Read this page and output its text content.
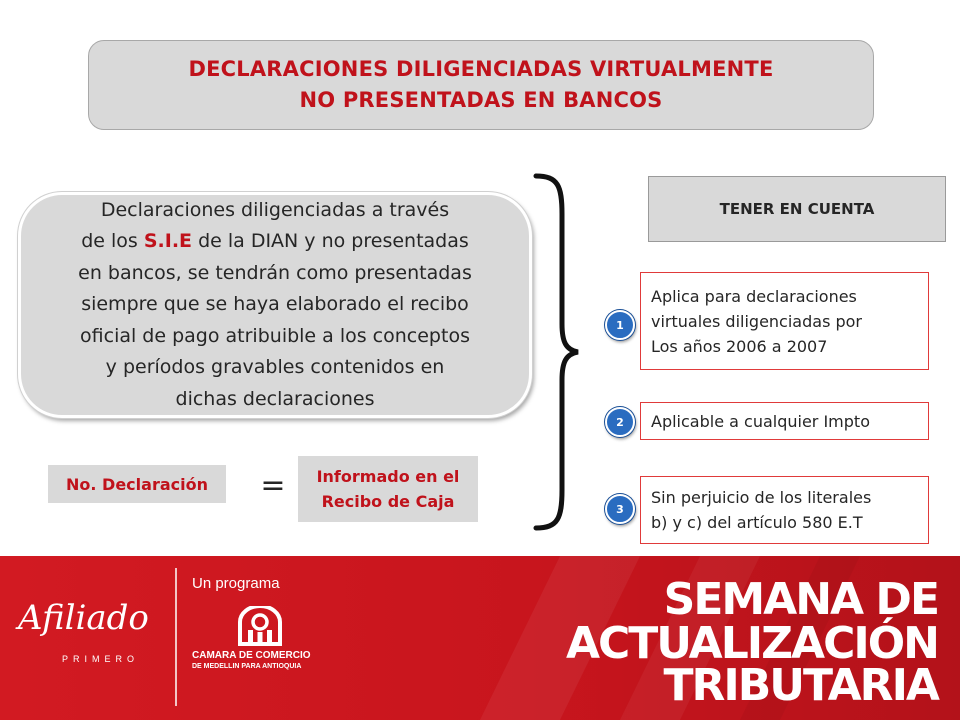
DECLARACIONES DILIGENCIADAS VIRTUALMENTE
NO PRESENTADAS EN BANCOS
Declaraciones diligenciadas a través
de los S.I.E de la DIAN y no presentadas
en bancos, se tendrán como presentadas
siempre que se haya elaborado el recibo
oficial de pago atribuible a los conceptos
y períodos gravables contenidos en
dichas declaraciones
No. Declaración = Informado en el
Recibo de Caja
TENER EN CUENTA
1
Aplica para declaraciones
virtuales diligenciadas por
Los años 2006 a 2007
2	Aplicable a cualquier Impto
3
Sin perjuicio de los literales
b) y c) del artículo 580 E.T
Afiliado
PRIMERO
Un programa
CAMARA DE COMERCIO
DE MEDELLIN PARA ANTIOQUIA
SEMANA DE
ACTUALIZACIÓN
TRIBUTARIA
